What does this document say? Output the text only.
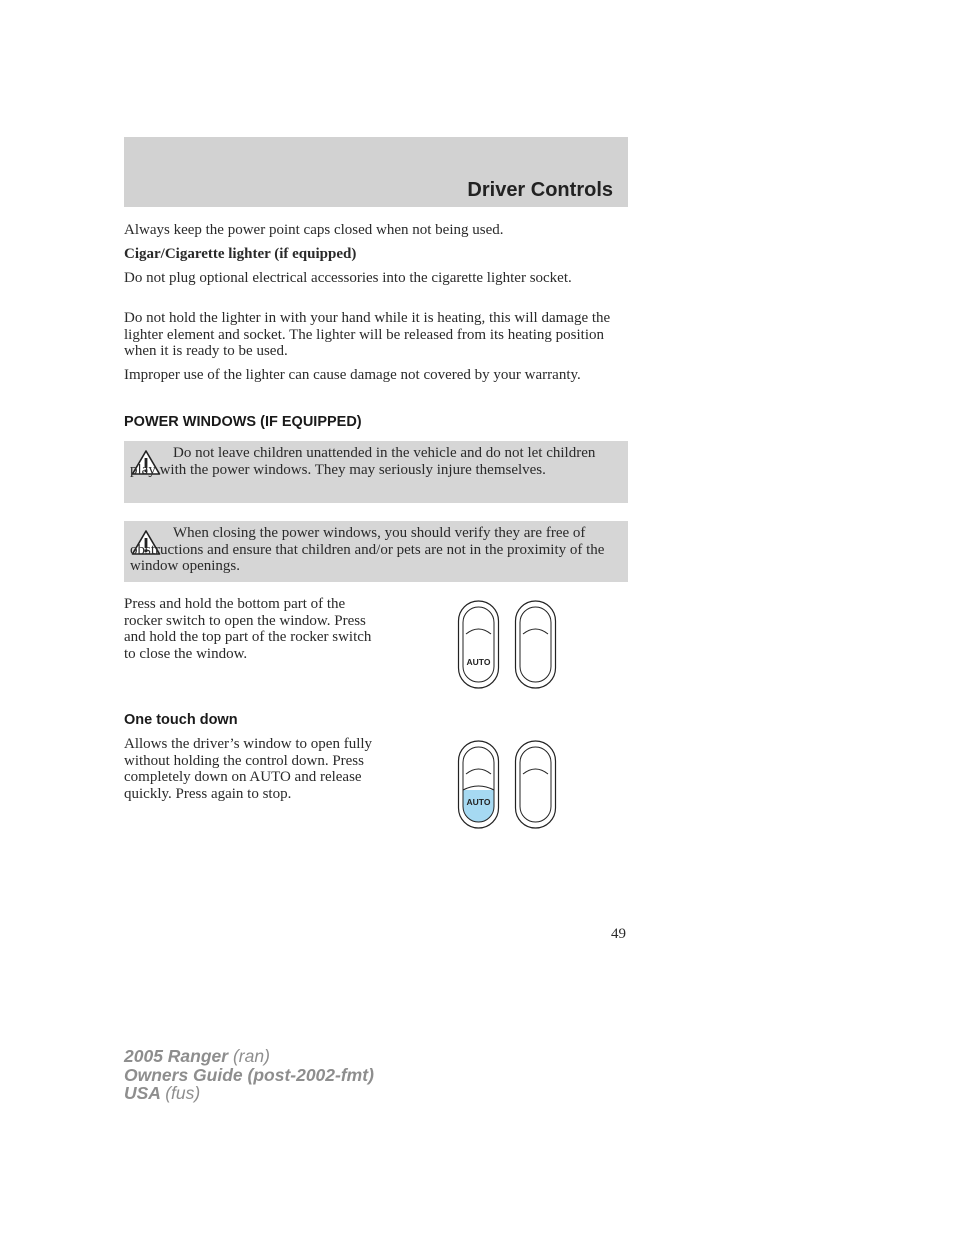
Driver Controls

Always keep the power point caps closed when not being used.

Cigar/Cigarette lighter (if equipped)

Do not plug optional electrical accessories into the cigarette lighter socket.

Do not hold the lighter in with your hand while it is heating, this will damage the lighter element and socket. The lighter will be released from its heating position when it is ready to be used.

Improper use of the lighter can cause damage not covered by your warranty.

POWER WINDOWS (IF EQUIPPED)

Do not leave children unattended in the vehicle and do not let children play with the power windows. They may seriously injure themselves.

When closing the power windows, you should verify they are free of obstructions and ensure that children and/or pets are not in the proximity of the window openings.

Press and hold the bottom part of the rocker switch to open the window. Press and hold the top part of the rocker switch to close the window.

AUTO

One touch down

Allows the driver’s window to open fully without holding the control down. Press completely down on AUTO and release quickly. Press again to stop.

AUTO
49
2005 Ranger (ran)
Owners Guide (post-2002-fmt)
USA (fus)
